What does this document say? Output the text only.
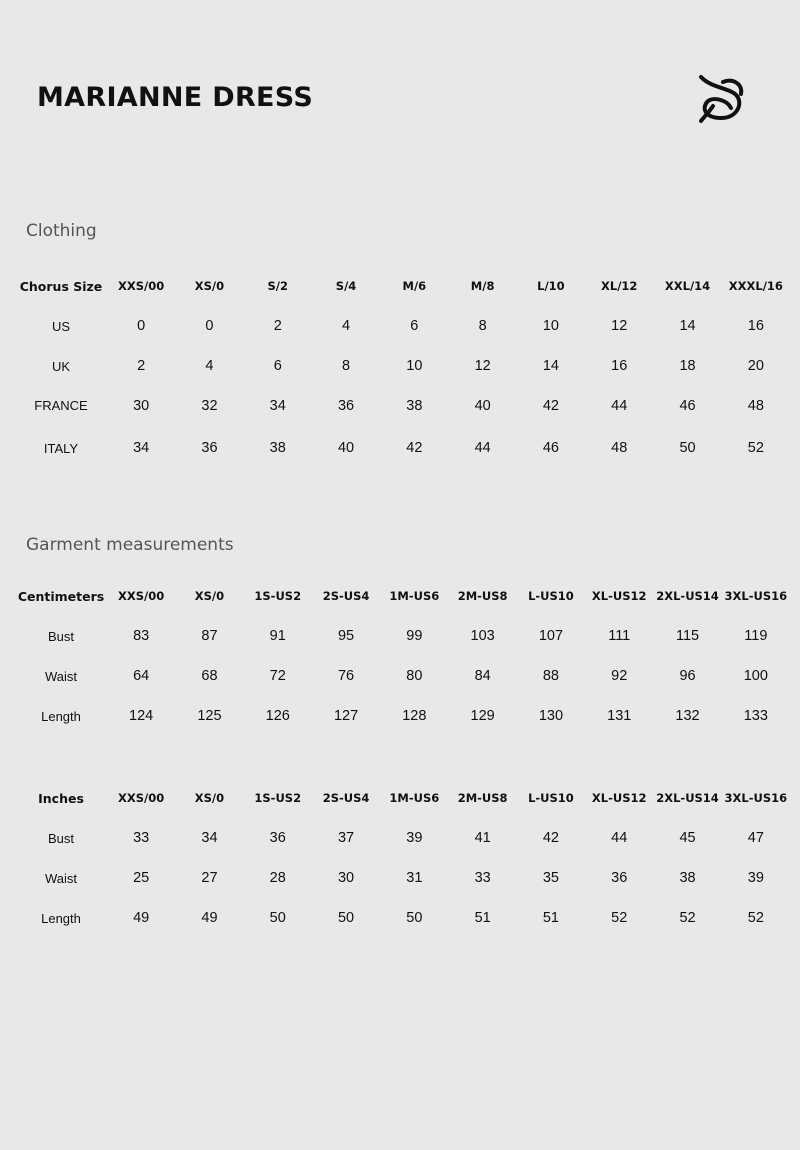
MARIANNE DRESS
Clothing
Chorus Size	XXS/00	XS/0	S/2	S/4	M/6	M/8	L/10	XL/12	XXL/14	XXXL/16
US	0	0	2	4	6	8	10	12	14	16
UK	2	4	6	8	10	12	14	16	18	20
FRANCE	30	32	34	36	38	40	42	44	46	48
ITALY	34	36	38	40	42	44	46	48	50	52
Garment measurements
Centimeters	XXS/00	XS/0	1S-US2	2S-US4	1M-US6	2M-US8	L-US10	XL-US12	2XL-US14	3XL-US16
Bust	83	87	91	95	99	103	107	111	115	119
Waist	64	68	72	76	80	84	88	92	96	100
Length	124	125	126	127	128	129	130	131	132	133
Inches	XXS/00	XS/0	1S-US2	2S-US4	1M-US6	2M-US8	L-US10	XL-US12	2XL-US14	3XL-US16
Bust	33	34	36	37	39	41	42	44	45	47
Waist	25	27	28	30	31	33	35	36	38	39
Length	49	49	50	50	50	51	51	52	52	52
